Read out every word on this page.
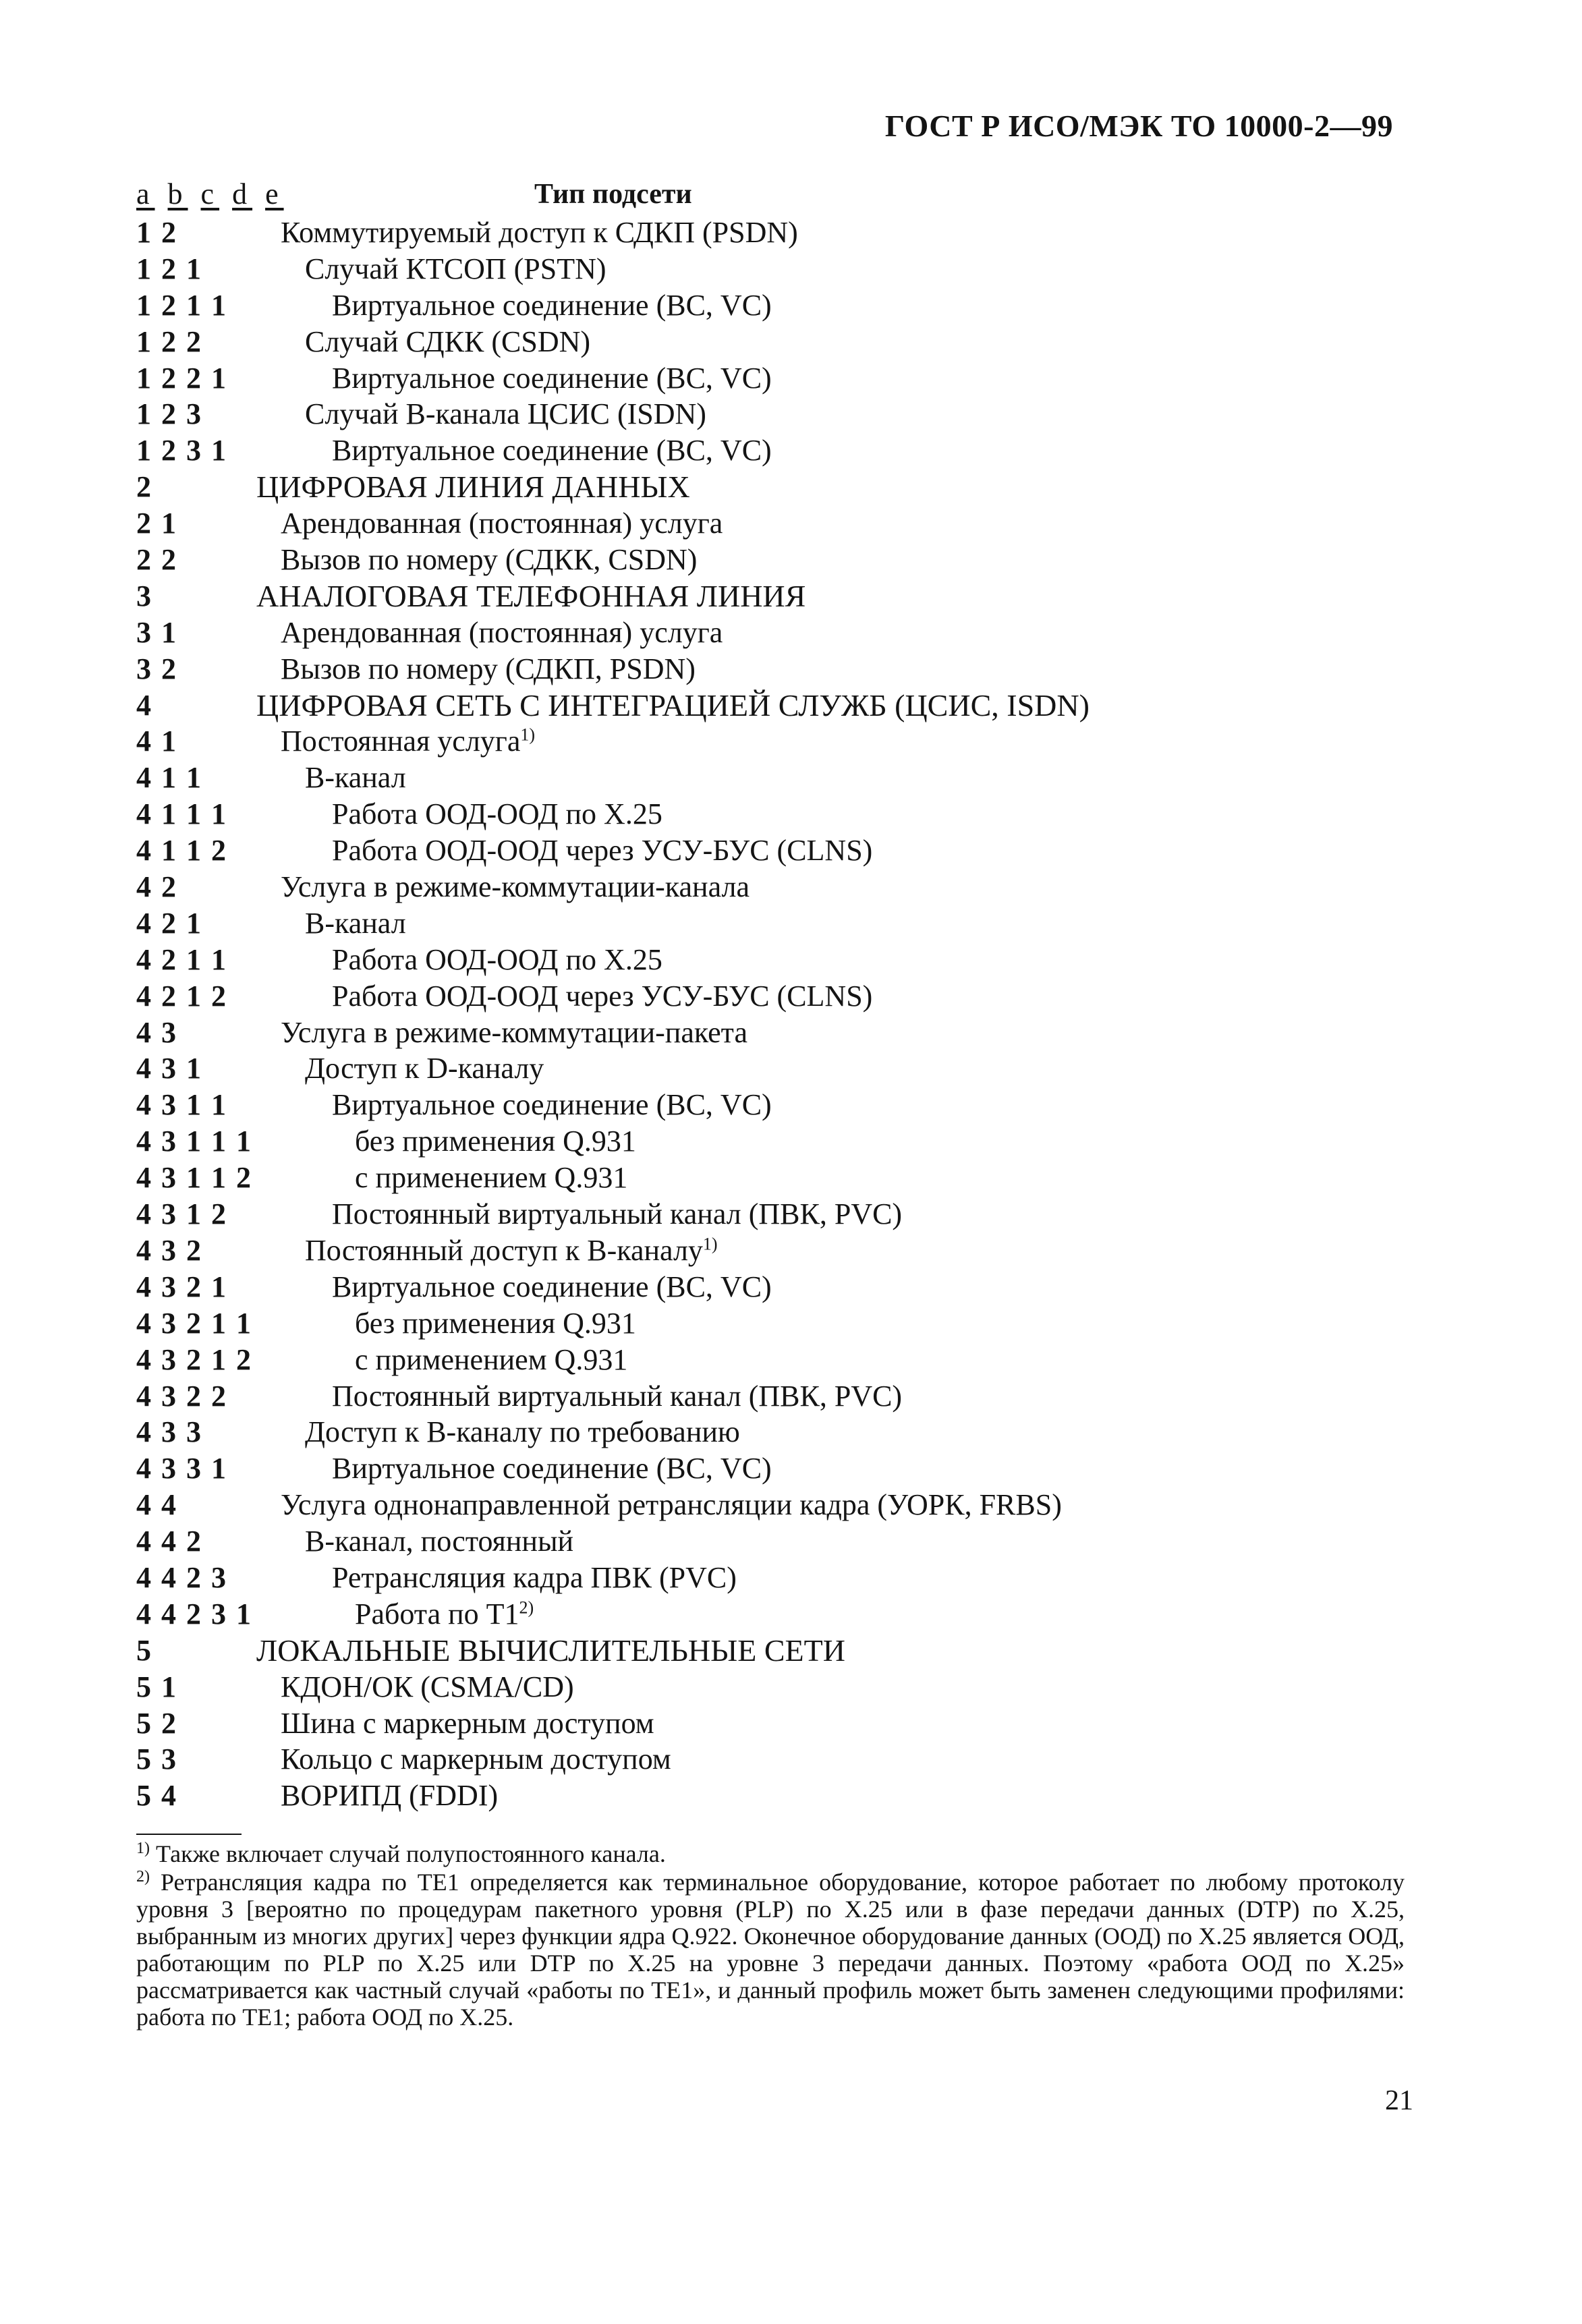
ГОСТ Р ИСО/МЭК ТО 10000-2—99
a b c d e	Тип подсети
1 2	Коммутируемый доступ к СДКП (PSDN)
1 2 1	Случай КТСОП (PSTN)
1 2 1 1	Виртуальное соединение (ВС, VC)
1 2 2	Случай СДКК (CSDN)
1 2 2 1	Виртуальное соединение (ВС, VC)
1 2 3	Случай В-канала ЦСИС (ISDN)
1 2 3 1	Виртуальное соединение (ВС, VC)
2	ЦИФРОВАЯ ЛИНИЯ ДАННЫХ
2 1	Арендованная (постоянная) услуга
2 2	Вызов по номеру (СДКК, CSDN)
3	АНАЛОГОВАЯ ТЕЛЕФОННАЯ ЛИНИЯ
3 1	Арендованная (постоянная) услуга
3 2	Вызов по номеру (СДКП, PSDN)
4	ЦИФРОВАЯ СЕТЬ С ИНТЕГРАЦИЕЙ СЛУЖБ (ЦСИС, ISDN)
4 1	Постоянная услуга$^{1)}$
4 1 1	В-канал
4 1 1 1	Работа ООД-ООД по Х.25
4 1 1 2	Работа ООД-ООД через УСУ-БУС (CLNS)
4 2	Услуга в режиме-коммутации-канала
4 2 1	В-канал
4 2 1 1	Работа ООД-ООД по Х.25
4 2 1 2	Работа ООД-ООД через УСУ-БУС (CLNS)
4 3	Услуга в режиме-коммутации-пакета
4 3 1	Доступ к D-каналу
4 3 1 1	Виртуальное соединение (ВС, VC)
4 3 1 1 1	без применения Q.931
4 3 1 1 2	с применением Q.931
4 3 1 2	Постоянный виртуальный канал (ПВК, PVC)
4 3 2	Постоянный доступ к В-каналу$^{1)}$
4 3 2 1	Виртуальное соединение (ВС, VC)
4 3 2 1 1	без применения Q.931
4 3 2 1 2	с применением Q.931
4 3 2 2	Постоянный виртуальный канал (ПВК, PVC)
4 3 3	Доступ к В-каналу по требованию
4 3 3 1	Виртуальное соединение (ВС, VC)
4 4	Услуга однонаправленной ретрансляции кадра (УОРК, FRBS)
4 4 2	В-канал, постоянный
4 4 2 3	Ретрансляция кадра ПВК (PVC)
4 4 2 3 1	Работа по Т1$^{2)}$
5	ЛОКАЛЬНЫЕ ВЫЧИСЛИТЕЛЬНЫЕ СЕТИ
5 1	КДОН/ОК (CSMA/CD)
5 2	Шина с маркерным доступом
5 3	Кольцо с маркерным доступом
5 4	ВОРИПД (FDDI)

$^{1)}$ Также включает случай полупостоянного канала.

$^{2)}$ Ретрансляция кадра по ТЕ1 определяется как терминальное оборудование, которое работает по любому протоколу уровня 3 [вероятно по процедурам пакетного уровня (PLP) по Х.25 или в фазе передачи данных (DTP) по Х.25, выбранным из многих других] через функции ядра Q.922. Оконечное оборудование данных (ООД) по Х.25 является ООД, работающим по PLP по Х.25 или DTP по Х.25 на уровне 3 передачи данных. Поэтому «работа ООД по Х.25» рассматривается как частный случай «работы по ТЕ1», и данный профиль может быть заменен следующими профилями: работа по ТЕ1; работа ООД по Х.25.

21
